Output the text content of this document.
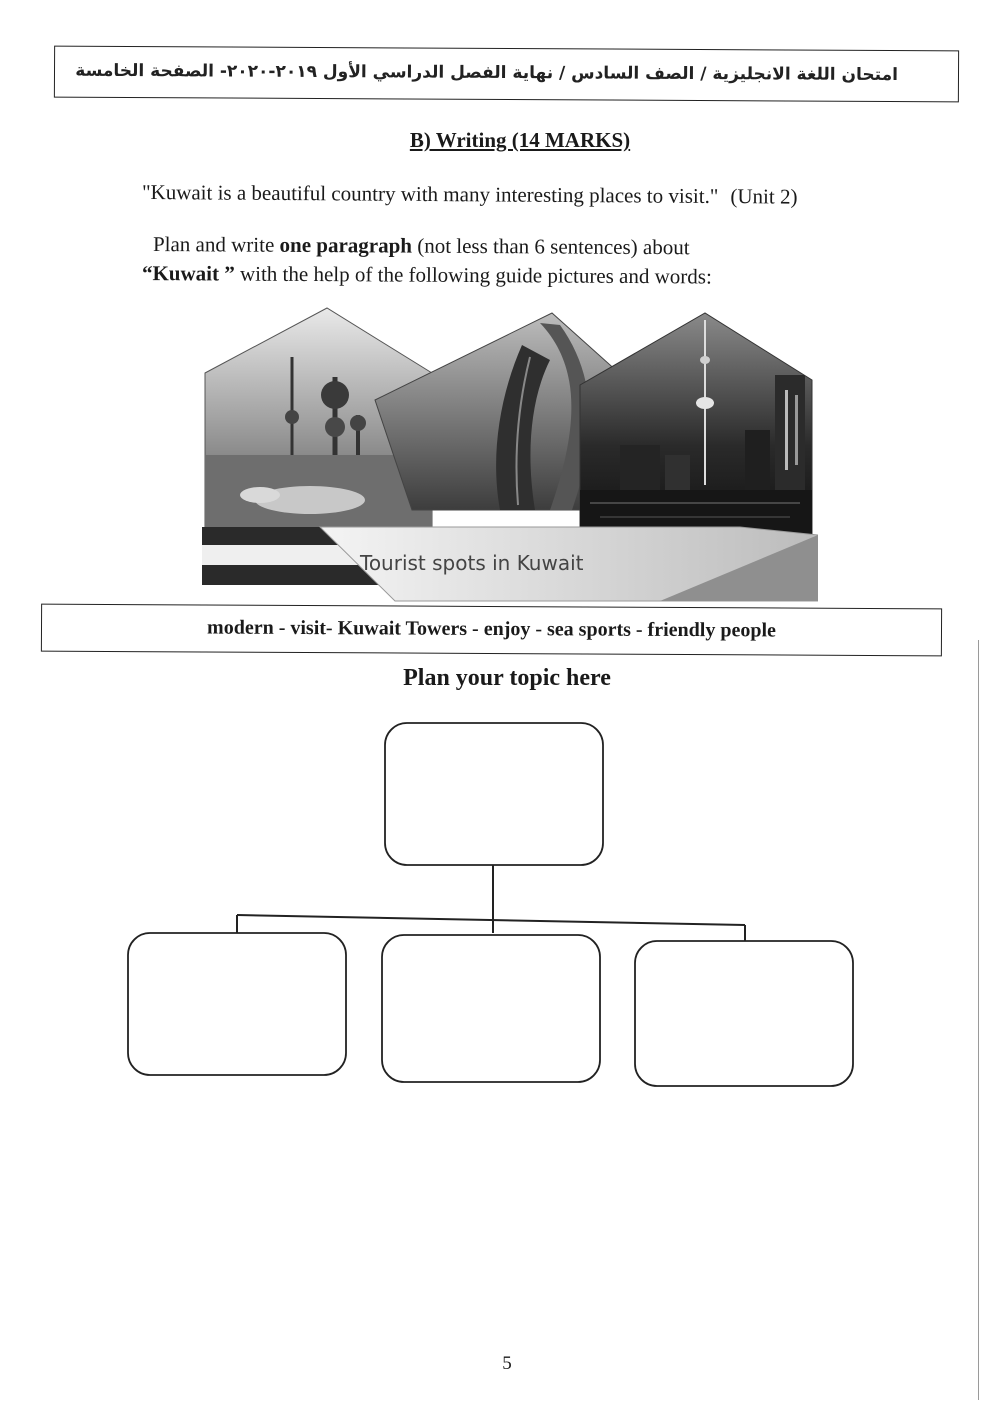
امتحان اللغة الانجليزية / الصف السادس / نهاية الفصل الدراسي الأول ٢٠١٩-٢٠٢٠- الصفحة الخامسة
B) Writing (14 MARKS)
"Kuwait is a beautiful country with many interesting places to visit." (Unit 2)
Plan and write one paragraph (not less than 6 sentences) about
“Kuwait ” with the help of the following guide pictures and words:
Tourist spots in Kuwait
modern - visit- Kuwait Towers - enjoy - sea sports - friendly people
Plan your topic here
5
